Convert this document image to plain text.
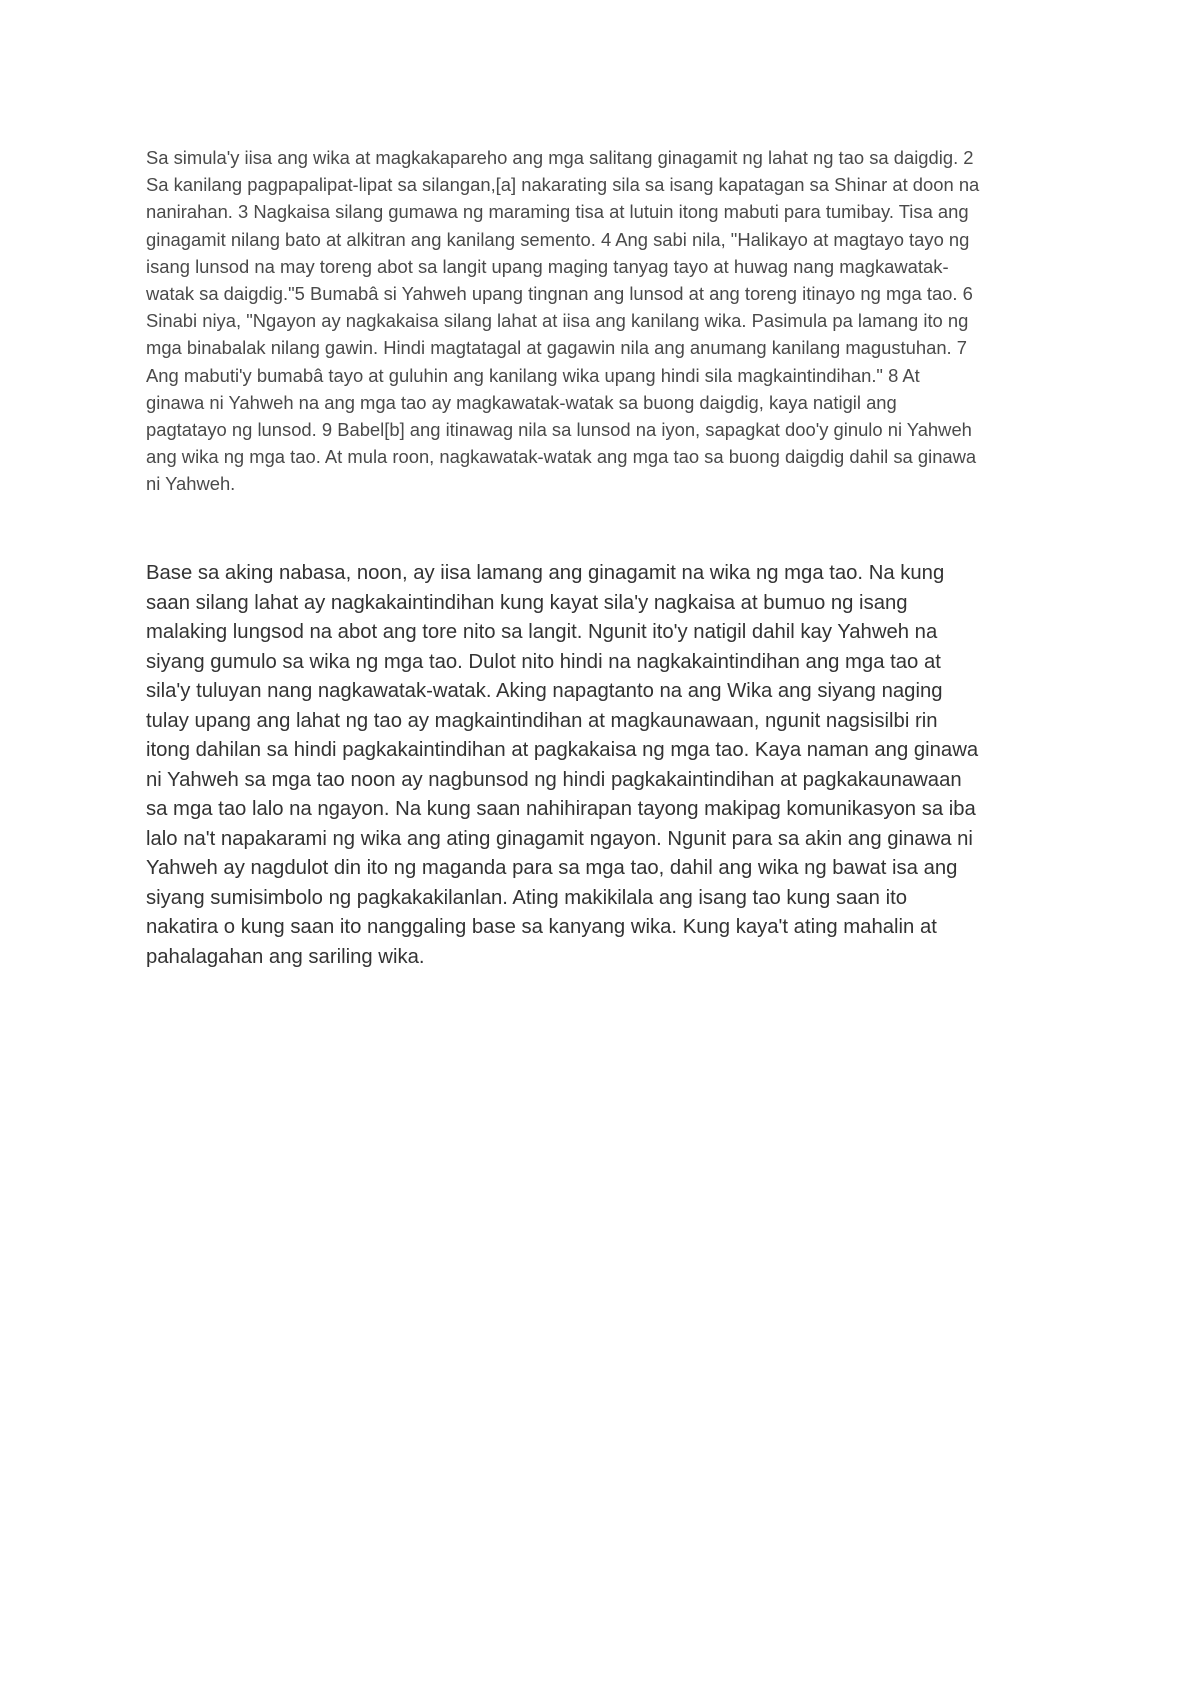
Sa simula'y iisa ang wika at magkakapareho ang mga salitang ginagamit ng lahat ng tao sa daigdig. 2
Sa kanilang pagpapalipat-lipat sa silangan,[a] nakarating sila sa isang kapatagan sa Shinar at doon na
nanirahan. 3 Nagkaisa silang gumawa ng maraming tisa at lutuin itong mabuti para tumibay. Tisa ang
ginagamit nilang bato at alkitran ang kanilang semento. 4 Ang sabi nila, "Halikayo at magtayo tayo ng
isang lunsod na may toreng abot sa langit upang maging tanyag tayo at huwag nang magkawatak-
watak sa daigdig."5 Bumabâ si Yahweh upang tingnan ang lunsod at ang toreng itinayo ng mga tao. 6
Sinabi niya, "Ngayon ay nagkakaisa silang lahat at iisa ang kanilang wika. Pasimula pa lamang ito ng
mga binabalak nilang gawin. Hindi magtatagal at gagawin nila ang anumang kanilang magustuhan. 7
Ang mabuti'y bumabâ tayo at guluhin ang kanilang wika upang hindi sila magkaintindihan." 8 At
ginawa ni Yahweh na ang mga tao ay magkawatak-watak sa buong daigdig, kaya natigil ang
pagtatayo ng lunsod. 9 Babel[b] ang itinawag nila sa lunsod na iyon, sapagkat doo'y ginulo ni Yahweh
ang wika ng mga tao. At mula roon, nagkawatak-watak ang mga tao sa buong daigdig dahil sa ginawa
ni Yahweh.

Base sa aking nabasa, noon, ay iisa lamang ang ginagamit na wika ng mga tao. Na kung
saan silang lahat ay nagkakaintindihan kung kayat sila'y nagkaisa at bumuo ng isang
malaking lungsod na abot ang tore nito sa langit. Ngunit ito'y natigil dahil kay Yahweh na
siyang gumulo sa wika ng mga tao. Dulot nito hindi na nagkakaintindihan ang mga tao at
sila'y tuluyan nang nagkawatak-watak. Aking napagtanto na ang Wika ang siyang naging
tulay upang ang lahat ng tao ay magkaintindihan at magkaunawaan, ngunit nagsisilbi rin
itong dahilan sa hindi pagkakaintindihan at pagkakaisa ng mga tao. Kaya naman ang ginawa
ni Yahweh sa mga tao noon ay nagbunsod ng hindi pagkakaintindihan at pagkakaunawaan
sa mga tao lalo na ngayon. Na kung saan nahihirapan tayong makipag komunikasyon sa iba
lalo na't napakarami ng wika ang ating ginagamit ngayon. Ngunit para sa akin ang ginawa ni
Yahweh ay nagdulot din ito ng maganda para sa mga tao, dahil ang wika ng bawat isa ang
siyang sumisimbolo ng pagkakakilanlan. Ating makikilala ang isang tao kung saan ito
nakatira o kung saan ito nanggaling base sa kanyang wika. Kung kaya't ating mahalin at
pahalagahan ang sariling wika.
